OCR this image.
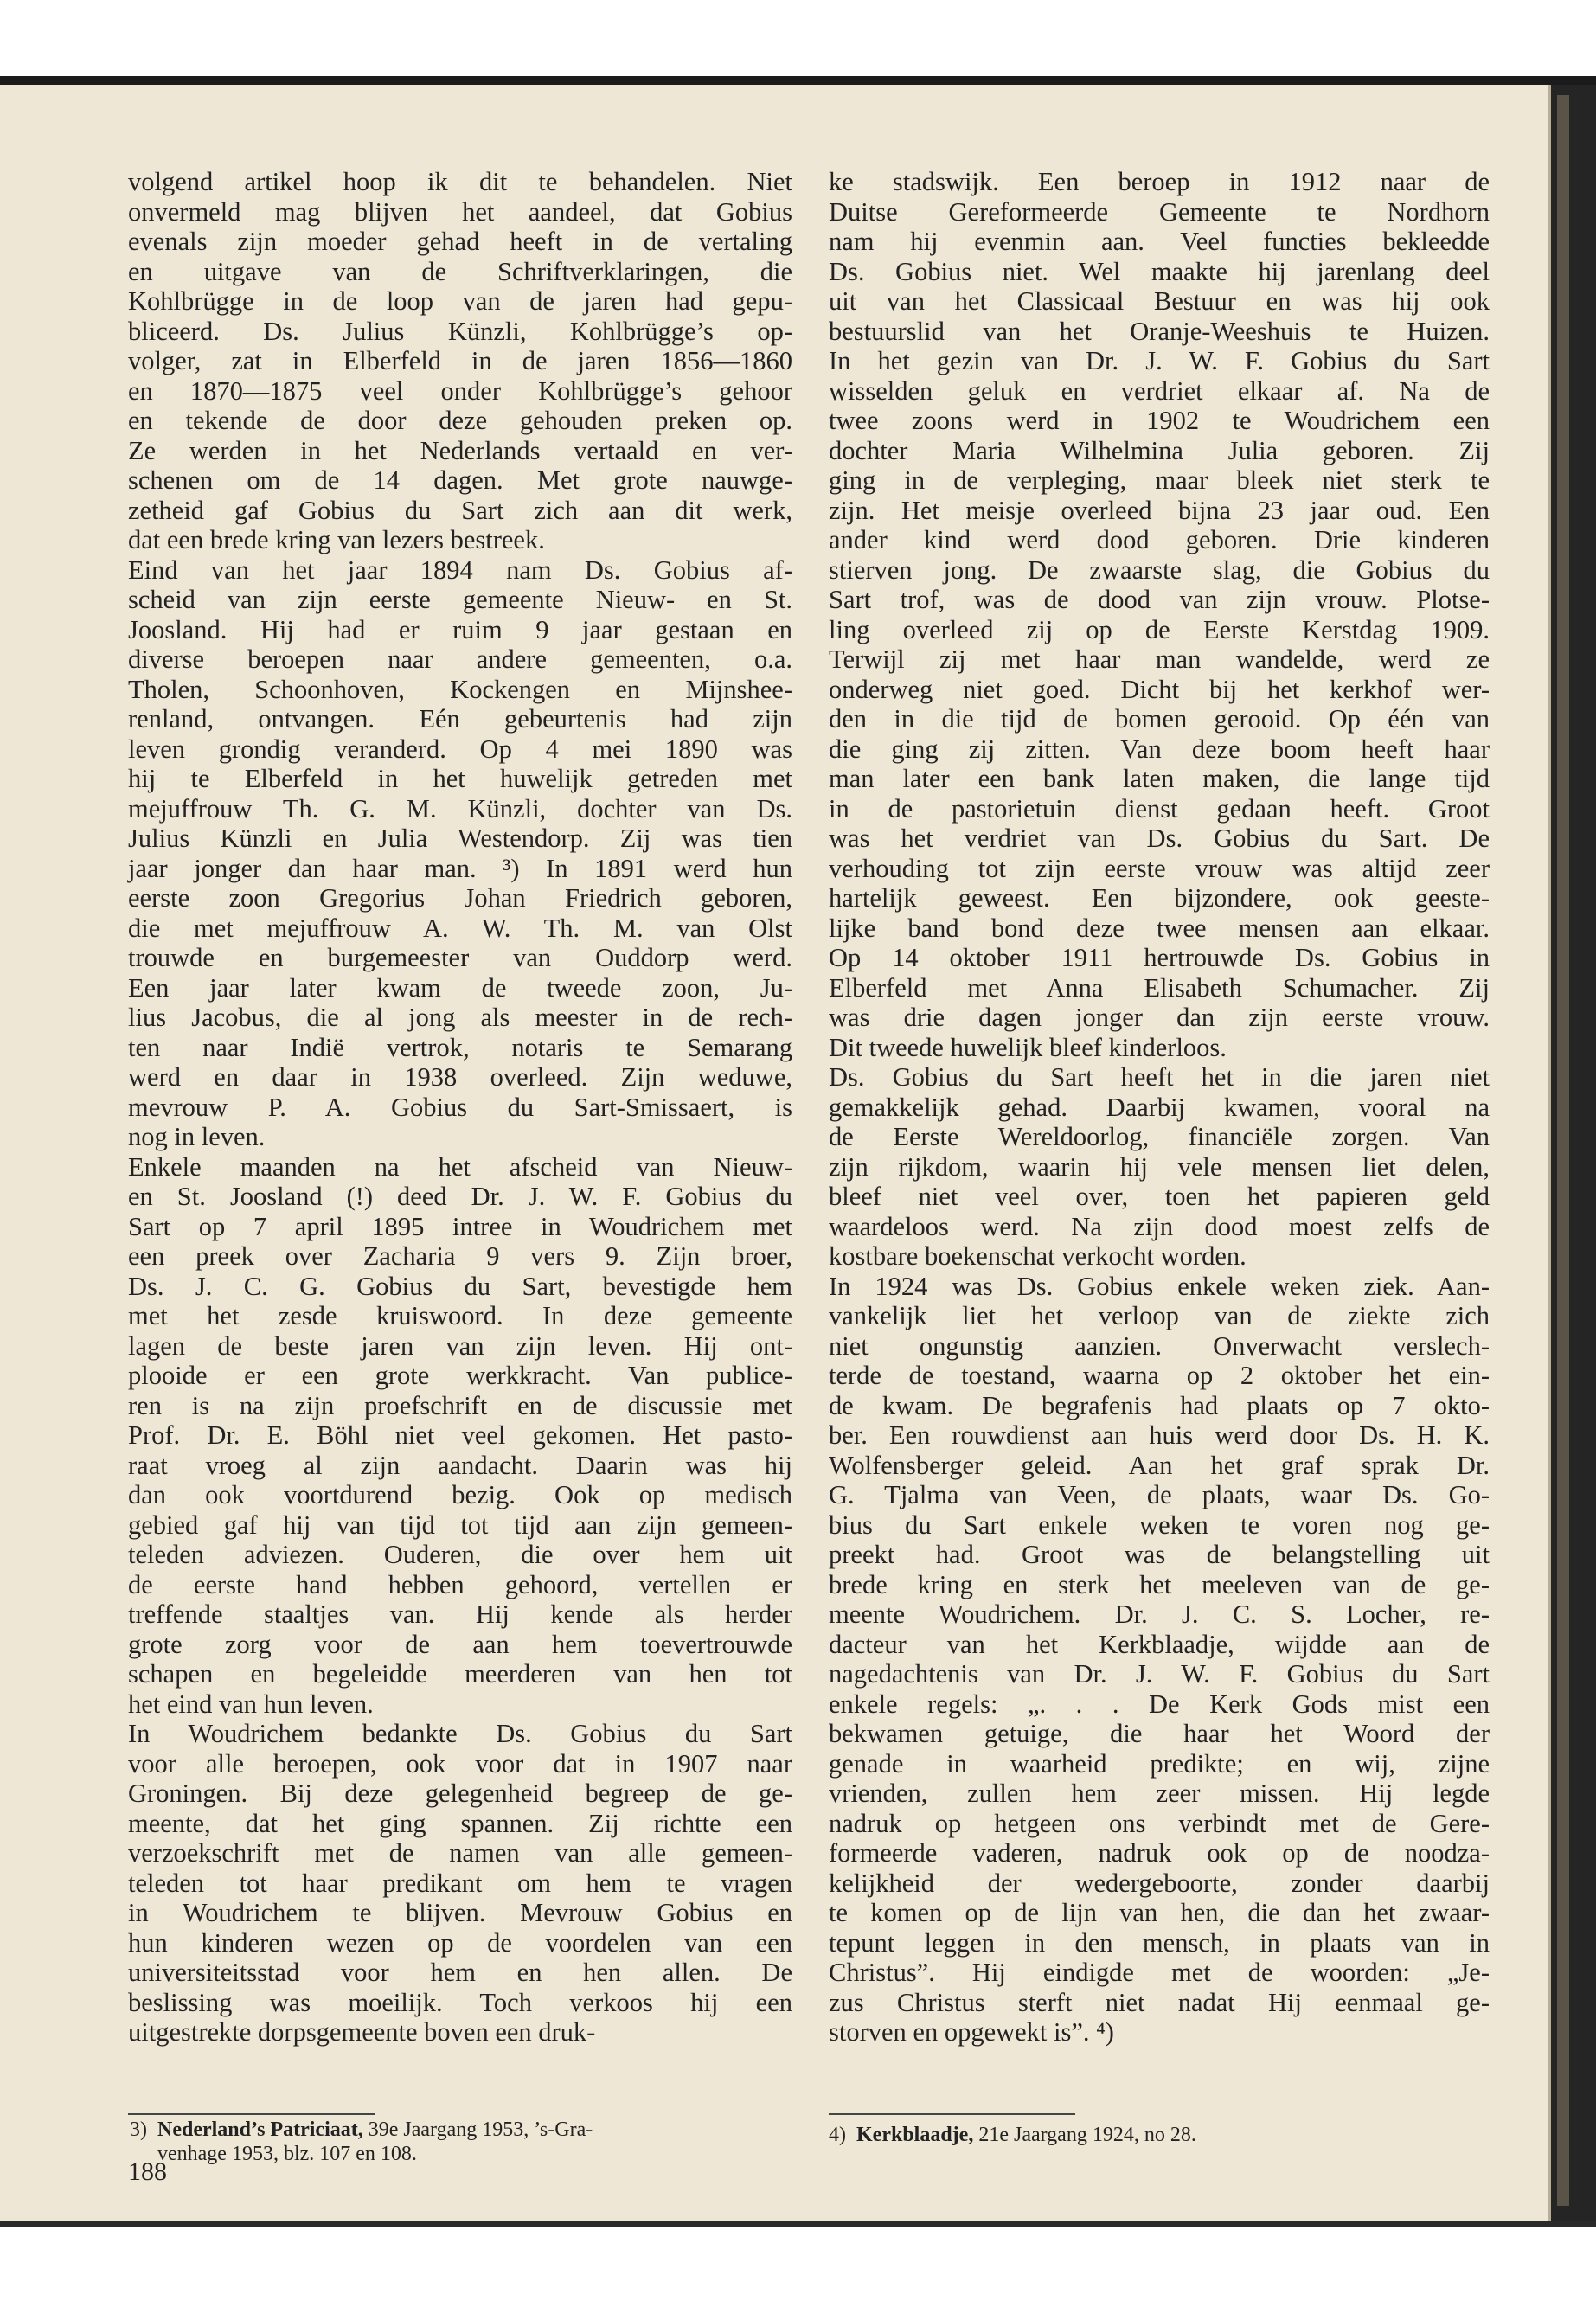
volgend artikel hoop ik dit te behandelen. Niet
onvermeld mag blijven het aandeel, dat Gobius
evenals zijn moeder gehad heeft in de vertaling
en uitgave van de Schriftverklaringen, die
Kohlbrügge in de loop van de jaren had gepu-
bliceerd. Ds. Julius Künzli, Kohlbrügge’s op-
volger, zat in Elberfeld in de jaren 1856—1860
en 1870—1875 veel onder Kohlbrügge’s gehoor
en tekende de door deze gehouden preken op.
Ze werden in het Nederlands vertaald en ver-
schenen om de 14 dagen. Met grote nauwge-
zetheid gaf Gobius du Sart zich aan dit werk,
dat een brede kring van lezers bestreek.
Eind van het jaar 1894 nam Ds. Gobius af-
scheid van zijn eerste gemeente Nieuw- en St.
Joosland. Hij had er ruim 9 jaar gestaan en
diverse beroepen naar andere gemeenten, o.a.
Tholen, Schoonhoven, Kockengen en Mijnshee-
renland, ontvangen. Eén gebeurtenis had zijn
leven grondig veranderd. Op 4 mei 1890 was
hij te Elberfeld in het huwelijk getreden met
mejuffrouw Th. G. M. Künzli, dochter van Ds.
Julius Künzli en Julia Westendorp. Zij was tien
jaar jonger dan haar man. ³) In 1891 werd hun
eerste zoon Gregorius Johan Friedrich geboren,
die met mejuffrouw A. W. Th. M. van Olst
trouwde en burgemeester van Ouddorp werd.
Een jaar later kwam de tweede zoon, Ju-
lius Jacobus, die al jong als meester in de rech-
ten naar Indië vertrok, notaris te Semarang
werd en daar in 1938 overleed. Zijn weduwe,
mevrouw P. A. Gobius du Sart-Smissaert, is
nog in leven.
Enkele maanden na het afscheid van Nieuw-
en St. Joosland (!) deed Dr. J. W. F. Gobius du
Sart op 7 april 1895 intree in Woudrichem met
een preek over Zacharia 9 vers 9. Zijn broer,
Ds. J. C. G. Gobius du Sart, bevestigde hem
met het zesde kruiswoord. In deze gemeente
lagen de beste jaren van zijn leven. Hij ont-
plooide er een grote werkkracht. Van publice-
ren is na zijn proefschrift en de discussie met
Prof. Dr. E. Böhl niet veel gekomen. Het pasto-
raat vroeg al zijn aandacht. Daarin was hij
dan ook voortdurend bezig. Ook op medisch
gebied gaf hij van tijd tot tijd aan zijn gemeen-
teleden adviezen. Ouderen, die over hem uit
de eerste hand hebben gehoord, vertellen er
treffende staaltjes van. Hij kende als herder
grote zorg voor de aan hem toevertrouwde
schapen en begeleidde meerderen van hen tot
het eind van hun leven.
In Woudrichem bedankte Ds. Gobius du Sart
voor alle beroepen, ook voor dat in 1907 naar
Groningen. Bij deze gelegenheid begreep de ge-
meente, dat het ging spannen. Zij richtte een
verzoekschrift met de namen van alle gemeen-
teleden tot haar predikant om hem te vragen
in Woudrichem te blijven. Mevrouw Gobius en
hun kinderen wezen op de voordelen van een
universiteitsstad voor hem en hen allen. De
beslissing was moeilijk. Toch verkoos hij een
uitgestrekte dorpsgemeente boven een druk-
ke stadswijk. Een beroep in 1912 naar de
Duitse Gereformeerde Gemeente te Nordhorn
nam hij evenmin aan. Veel functies bekleedde
Ds. Gobius niet. Wel maakte hij jarenlang deel
uit van het Classicaal Bestuur en was hij ook
bestuurslid van het Oranje-Weeshuis te Huizen.
In het gezin van Dr. J. W. F. Gobius du Sart
wisselden geluk en verdriet elkaar af. Na de
twee zoons werd in 1902 te Woudrichem een
dochter Maria Wilhelmina Julia geboren. Zij
ging in de verpleging, maar bleek niet sterk te
zijn. Het meisje overleed bijna 23 jaar oud. Een
ander kind werd dood geboren. Drie kinderen
stierven jong. De zwaarste slag, die Gobius du
Sart trof, was de dood van zijn vrouw. Plotse-
ling overleed zij op de Eerste Kerstdag 1909.
Terwijl zij met haar man wandelde, werd ze
onderweg niet goed. Dicht bij het kerkhof wer-
den in die tijd de bomen gerooid. Op één van
die ging zij zitten. Van deze boom heeft haar
man later een bank laten maken, die lange tijd
in de pastorietuin dienst gedaan heeft. Groot
was het verdriet van Ds. Gobius du Sart. De
verhouding tot zijn eerste vrouw was altijd zeer
hartelijk geweest. Een bijzondere, ook geeste-
lijke band bond deze twee mensen aan elkaar.
Op 14 oktober 1911 hertrouwde Ds. Gobius in
Elberfeld met Anna Elisabeth Schumacher. Zij
was drie dagen jonger dan zijn eerste vrouw.
Dit tweede huwelijk bleef kinderloos.
Ds. Gobius du Sart heeft het in die jaren niet
gemakkelijk gehad. Daarbij kwamen, vooral na
de Eerste Wereldoorlog, financiële zorgen. Van
zijn rijkdom, waarin hij vele mensen liet delen,
bleef niet veel over, toen het papieren geld
waardeloos werd. Na zijn dood moest zelfs de
kostbare boekenschat verkocht worden.
In 1924 was Ds. Gobius enkele weken ziek. Aan-
vankelijk liet het verloop van de ziekte zich
niet ongunstig aanzien. Onverwacht verslech-
terde de toestand, waarna op 2 oktober het ein-
de kwam. De begrafenis had plaats op 7 okto-
ber. Een rouwdienst aan huis werd door Ds. H. K.
Wolfensberger geleid. Aan het graf sprak Dr.
G. Tjalma van Veen, de plaats, waar Ds. Go-
bius du Sart enkele weken te voren nog ge-
preekt had. Groot was de belangstelling uit
brede kring en sterk het meeleven van de ge-
meente Woudrichem. Dr. J. C. S. Locher, re-
dacteur van het Kerkblaadje, wijdde aan de
nagedachtenis van Dr. J. W. F. Gobius du Sart
enkele regels: „. . . De Kerk Gods mist een
bekwamen getuige, die haar het Woord der
genade in waarheid predikte; en wij, zijne
vrienden, zullen hem zeer missen. Hij legde
nadruk op hetgeen ons verbindt met de Gere-
formeerde vaderen, nadruk ook op de noodza-
kelijkheid der wedergeboorte, zonder daarbij
te komen op de lijn van hen, die dan het zwaar-
tepunt leggen in den mensch, in plaats van in
Christus”. Hij eindigde met de woorden: „Je-
zus Christus sterft niet nadat Hij eenmaal ge-
storven en opgewekt is”. ⁴)
3) Nederland’s Patriciaat, 39e Jaargang 1953, ’s-Gra-
venhage 1953, blz. 107 en 108.
4) Kerkblaadje, 21e Jaargang 1924, no 28.
188
